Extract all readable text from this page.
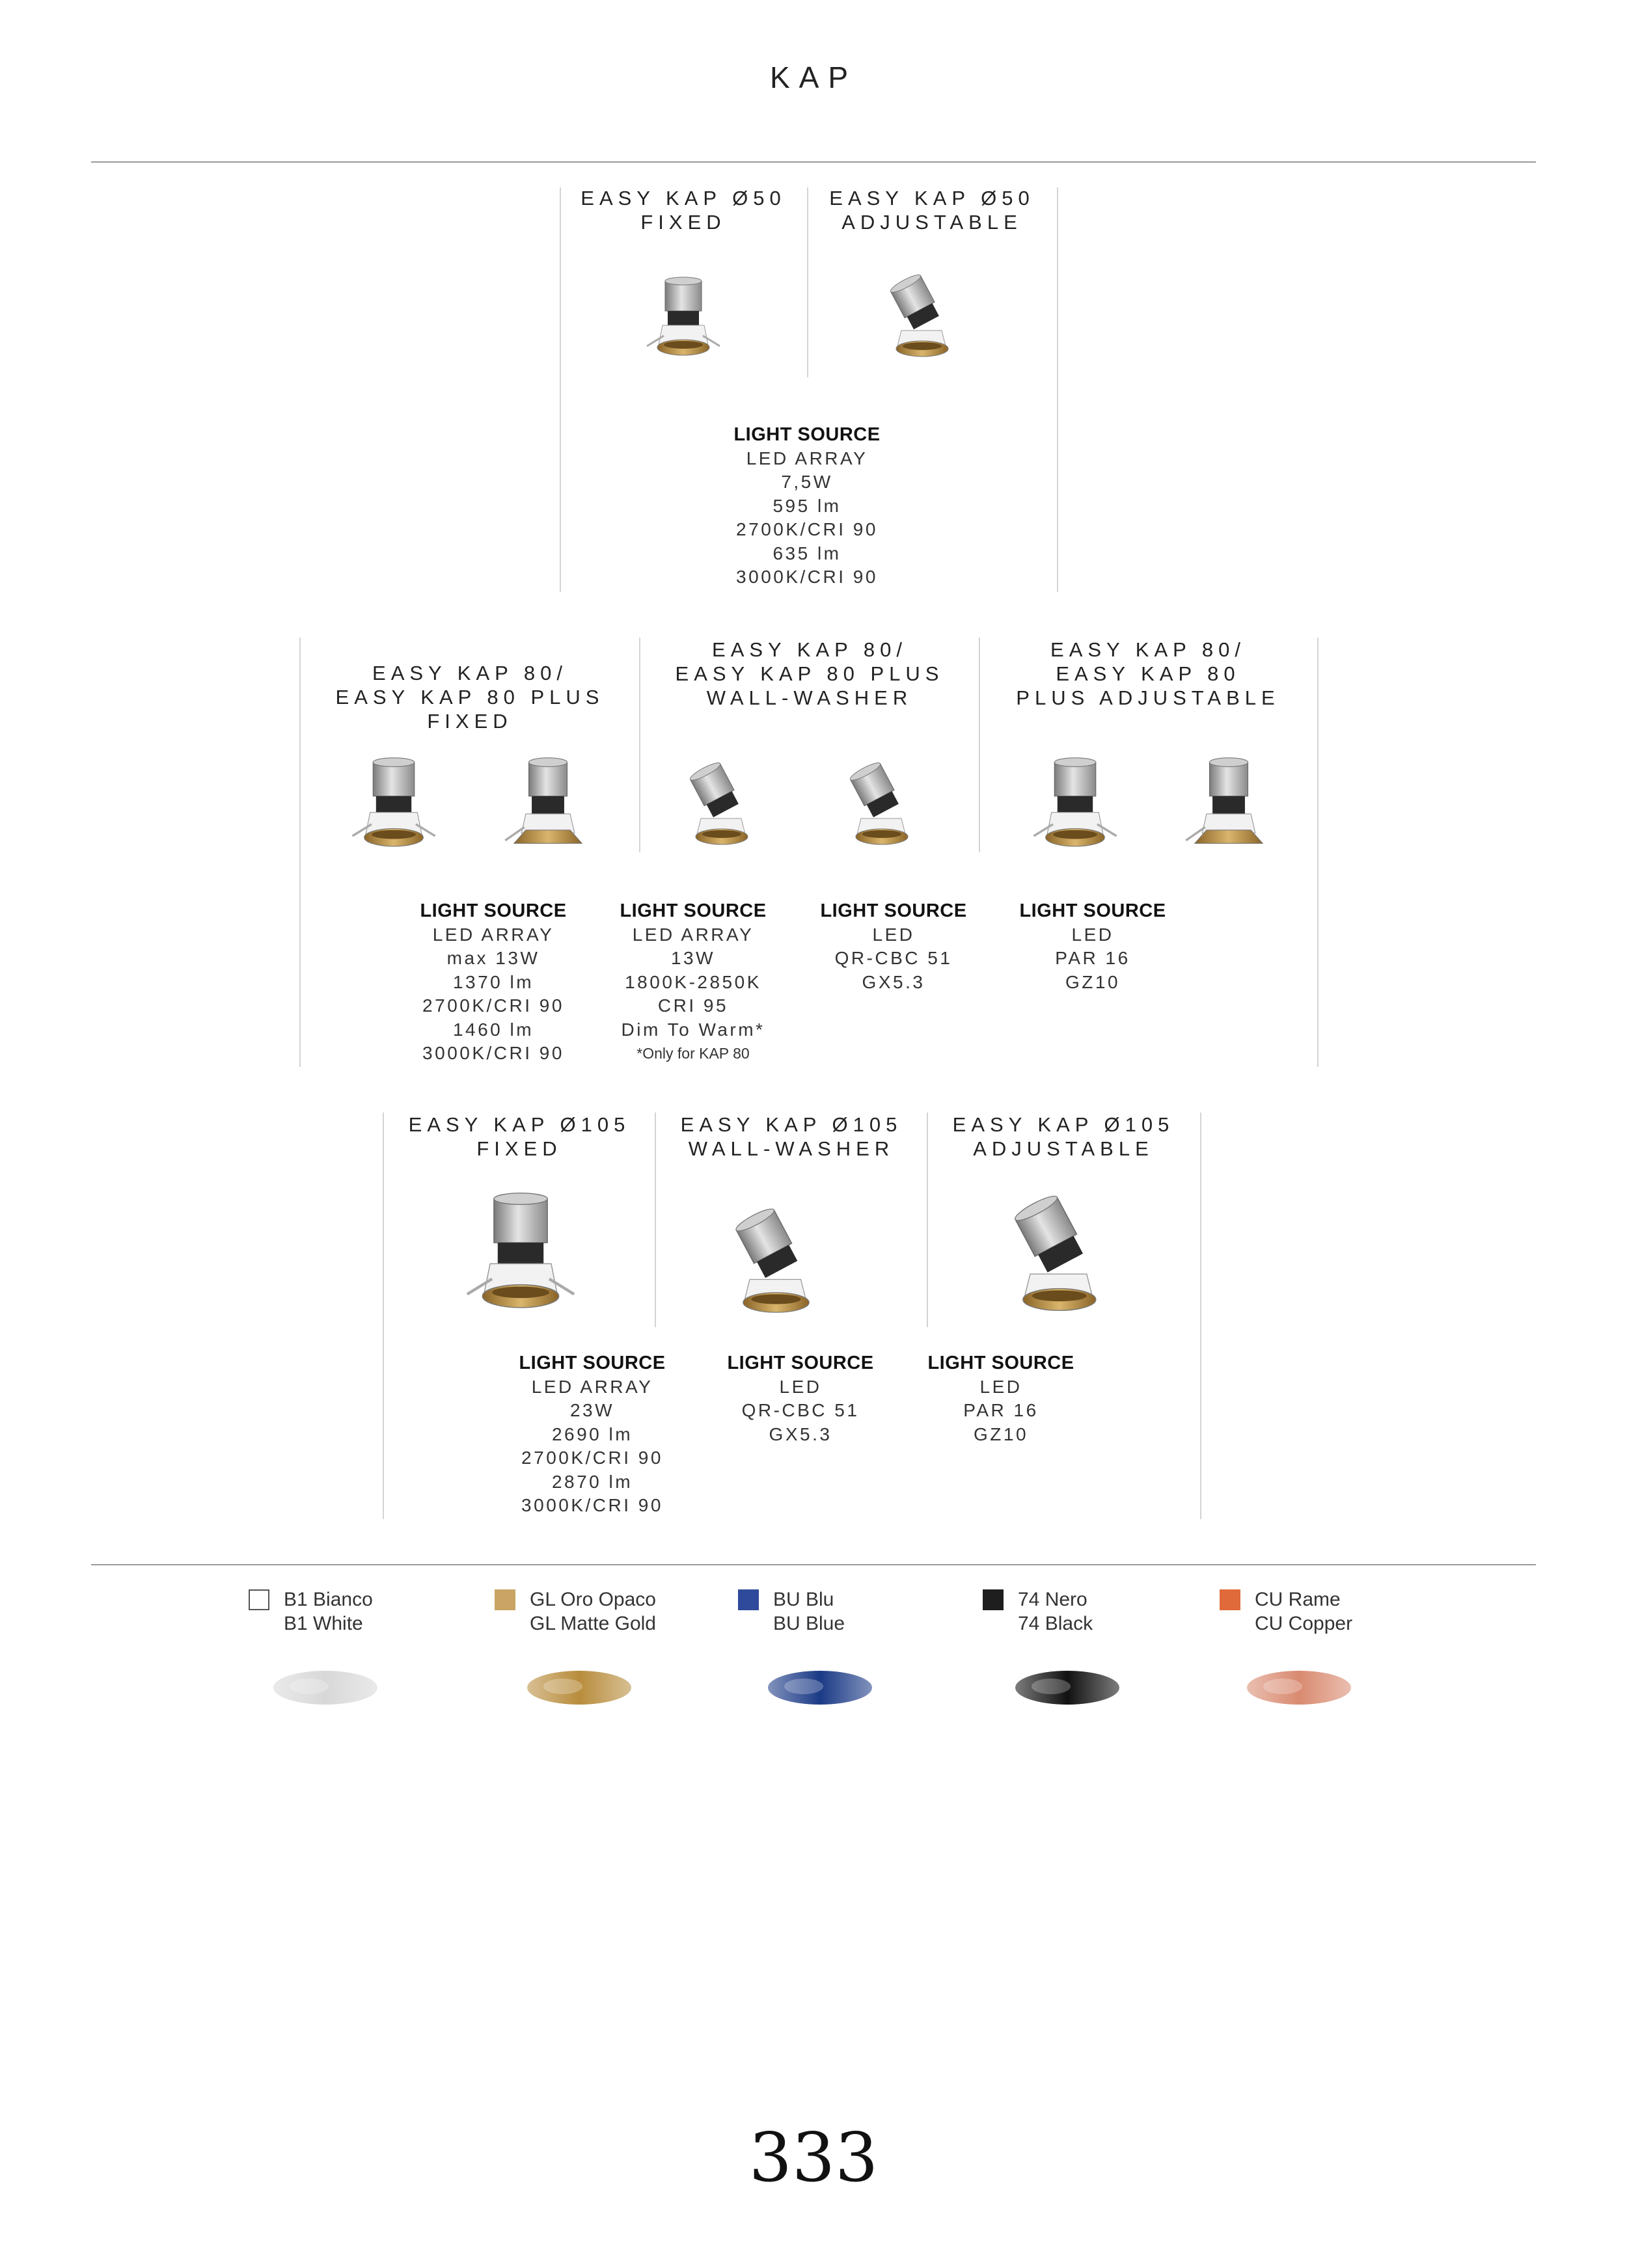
KAP
EASY KAP Ø50
FIXED
EASY KAP Ø50
ADJUSTABLE
LIGHT SOURCE
LED ARRAY
7,5W
595 lm
2700K/CRI 90
635 lm
3000K/CRI 90
EASY KAP 80/
EASY KAP 80 PLUS
FIXED
EASY KAP 80/
EASY KAP 80 PLUS
WALL-WASHER
EASY KAP 80/
EASY KAP 80
PLUS ADJUSTABLE
LIGHT SOURCE
LED ARRAY
max 13W
1370 lm
2700K/CRI 90
1460 lm
3000K/CRI 90
LIGHT SOURCE
LED ARRAY
13W
1800K-2850K
CRI 95
Dim To Warm*
*Only for KAP 80
LIGHT SOURCE
LED
QR-CBC 51
GX5.3
LIGHT SOURCE
LED
PAR 16
GZ10
EASY KAP Ø105
FIXED
EASY KAP Ø105
WALL-WASHER
EASY KAP Ø105
ADJUSTABLE
LIGHT SOURCE
LED ARRAY
23W
2690 lm
2700K/CRI 90
2870 lm
3000K/CRI 90
LIGHT SOURCE
LED
QR-CBC 51
GX5.3
LIGHT SOURCE
LED
PAR 16
GZ10
B1 Bianco
B1 White
GL Oro Opaco
GL Matte Gold
BU Blu
BU Blue
74 Nero
74 Black
CU Rame
CU Copper
333
